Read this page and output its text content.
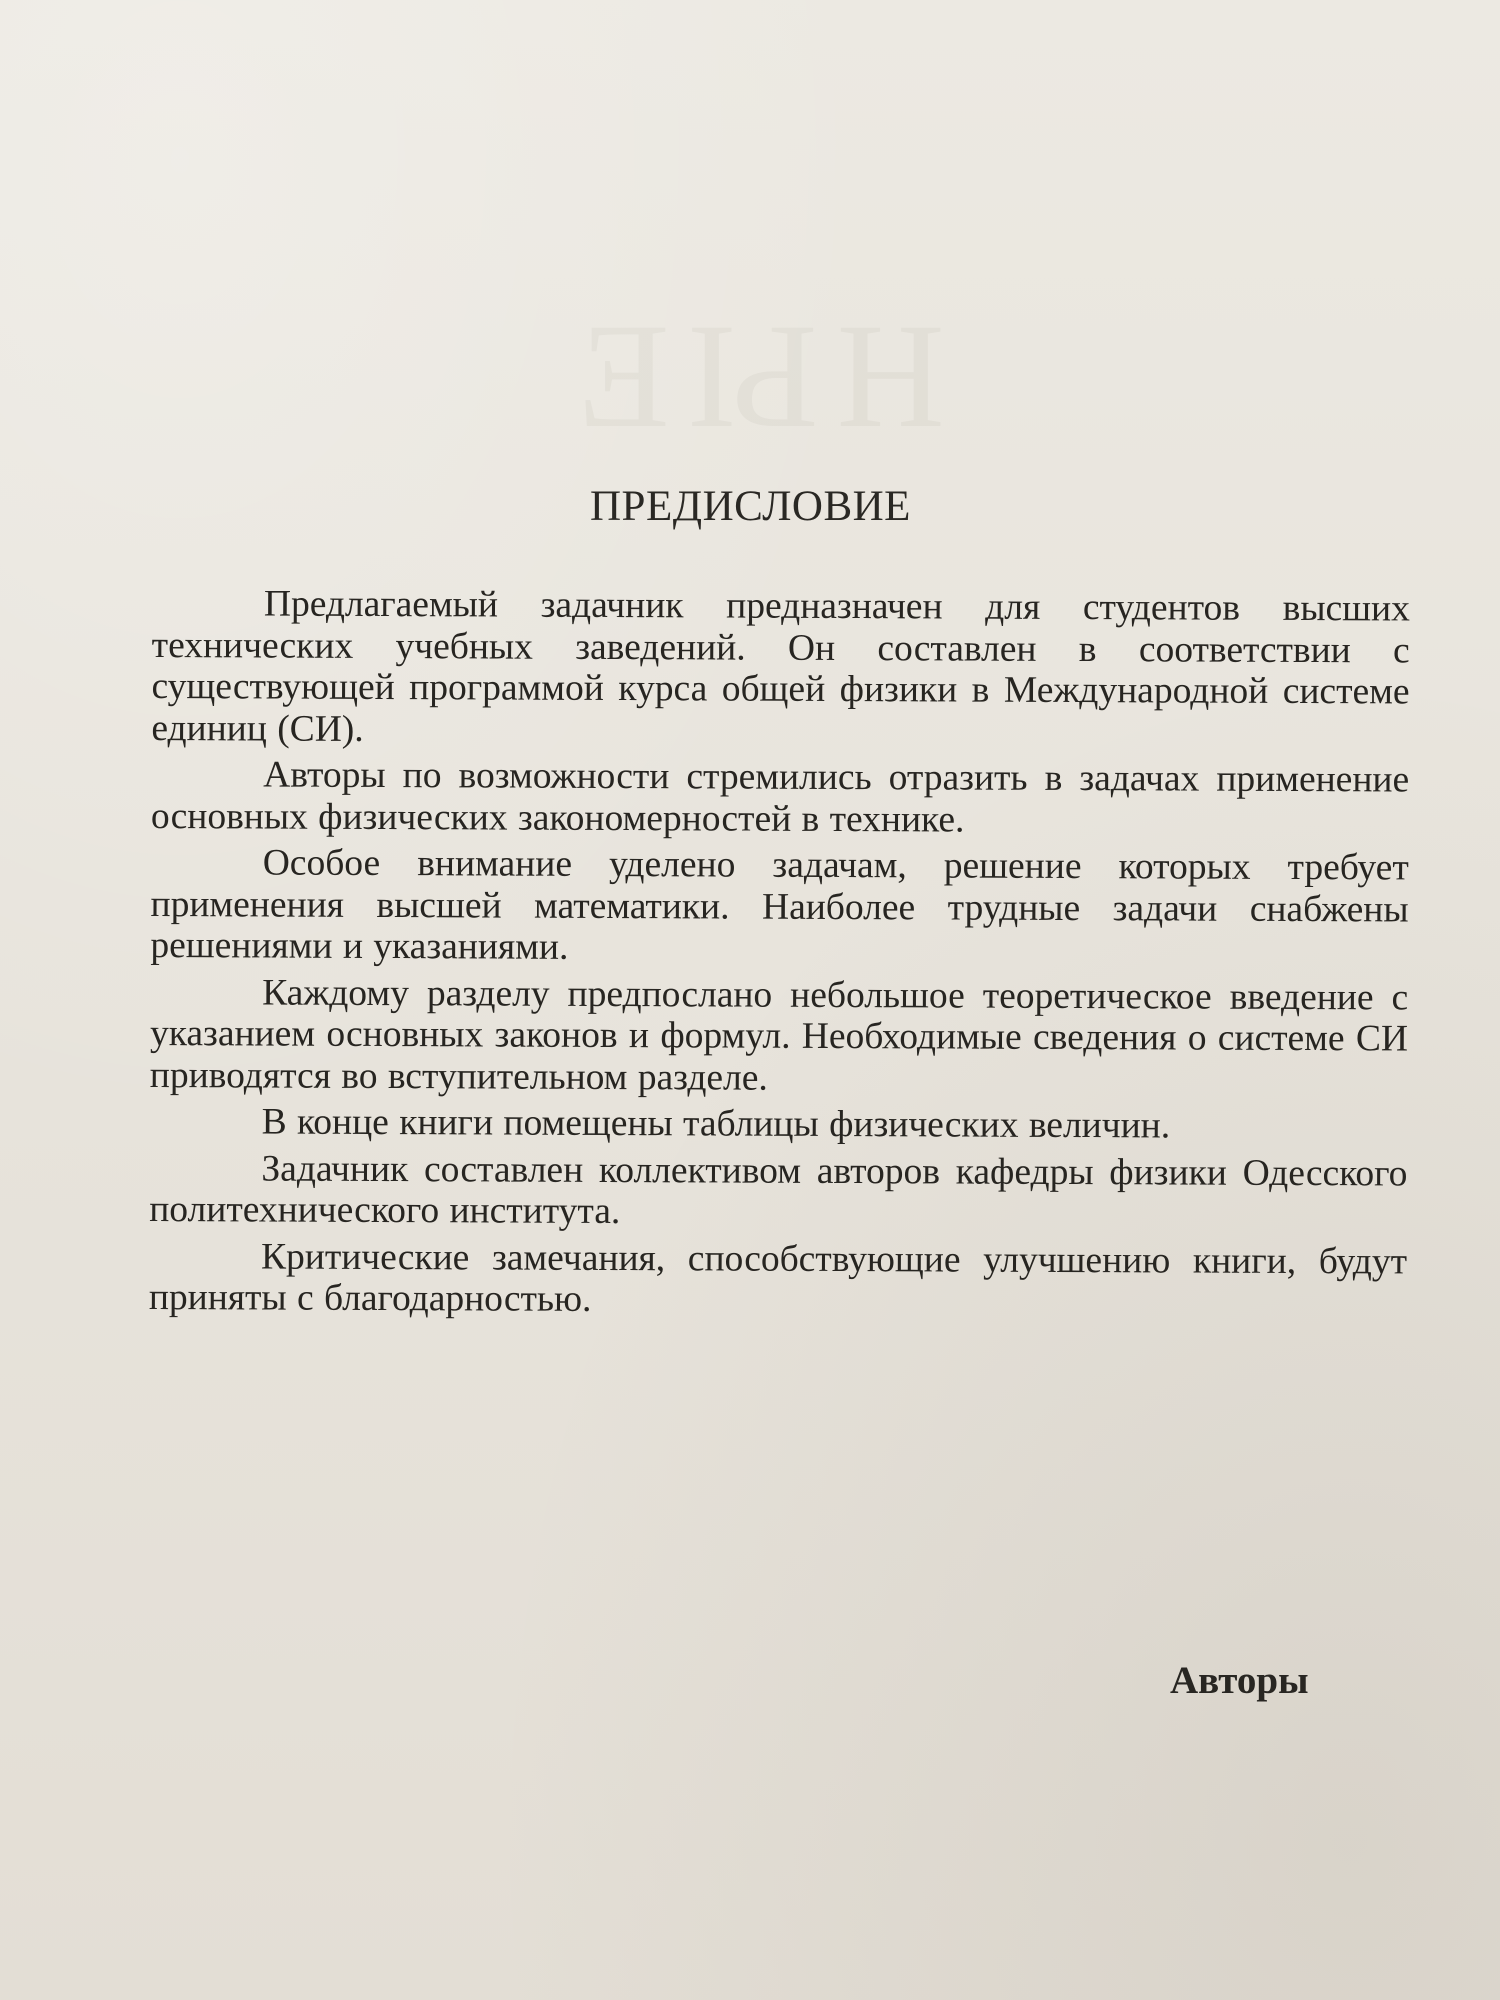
НЫЕ
ПРЕДИСЛОВИЕ

Предлагаемый задачник предназначен для студентов высших технических учебных заведений. Он составлен в соответствии с существующей программой курса общей физики в Международной системе единиц (СИ).

Авторы по возможности стремились отразить в задачах применение основных физических закономерностей в технике.

Особое внимание уделено задачам, решение которых требует применения высшей математики. Наиболее трудные задачи снабжены решениями и указаниями.

Каждому разделу предпослано небольшое теоретическое введение с указанием основных законов и формул. Необходимые сведения о системе СИ приводятся во вступительном разделе.

В конце книги помещены таблицы физических величин.

Задачник составлен коллективом авторов кафедры физики Одесского политехнического института.

Критические замечания, способствующие улучшению книги, будут приняты с благодарностью.

Авторы
